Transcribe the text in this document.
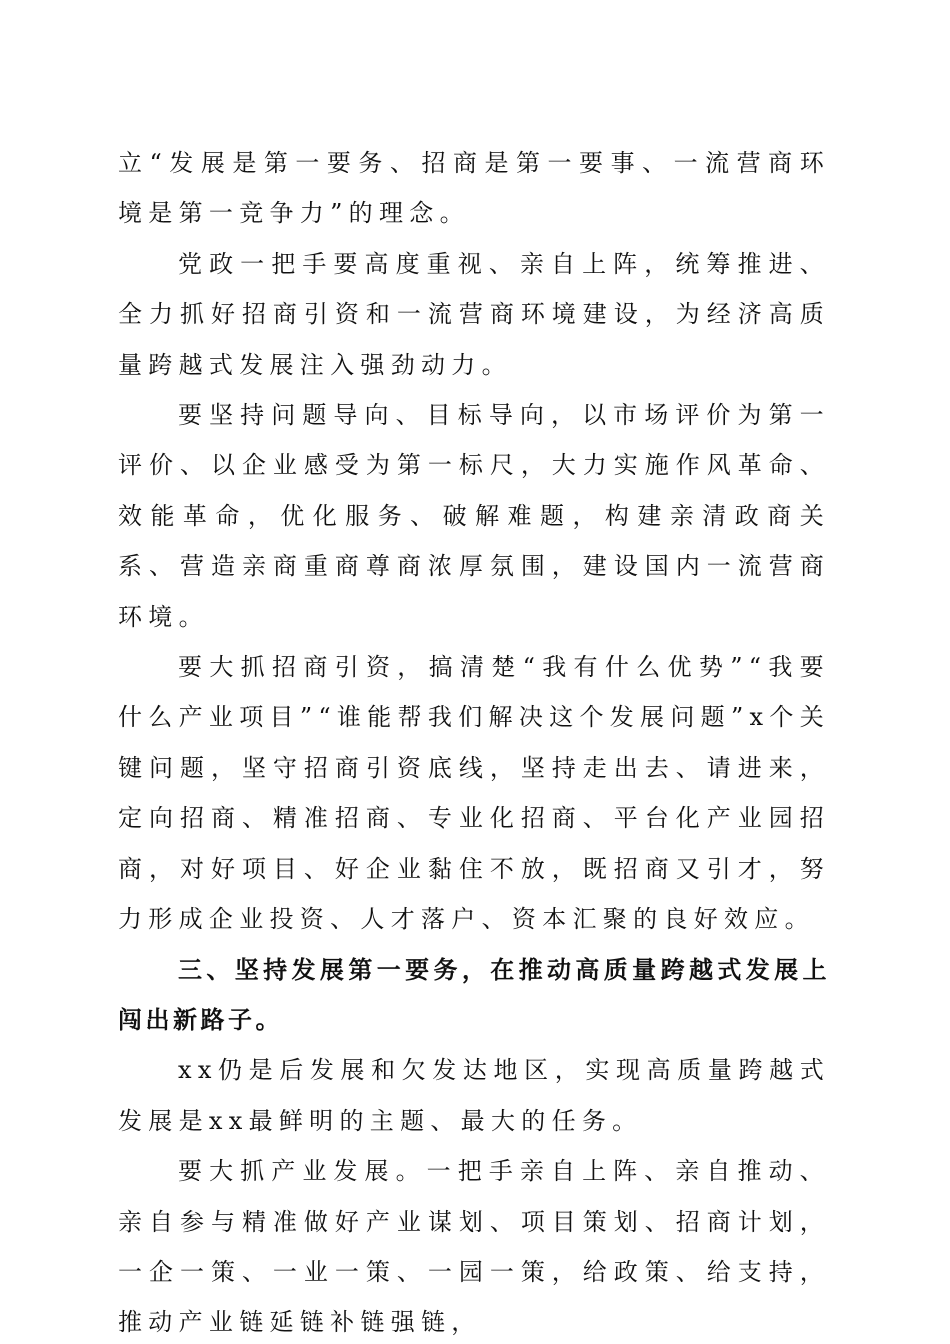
立“发展是第一要务、招商是第一要事、一流营商环境是第一竞争力”的理念。

党政一把手要高度重视、亲自上阵，统筹推进、全力抓好招商引资和一流营商环境建设，为经济高质量跨越式发展注入强劲动力。

要坚持问题导向、目标导向，以市场评价为第一评价、以企业感受为第一标尺，大力实施作风革命、效能革命，优化服务、破解难题，构建亲清政商关系、营造亲商重商尊商浓厚氛围，建设国内一流营商环境。

要大抓招商引资，搞清楚“我有什么优势”“我要什么产业项目”“谁能帮我们解决这个发展问题”x个关键问题，坚守招商引资底线，坚持走出去、请进来，定向招商、精准招商、专业化招商、平台化产业园招商，对好项目、好企业黏住不放，既招商又引才，努力形成企业投资、人才落户、资本汇聚的良好效应。

三、坚持发展第一要务，在推动高质量跨越式发展上闯出新路子。

xx仍是后发展和欠发达地区，实现高质量跨越式发展是xx最鲜明的主题、最大的任务。

要大抓产业发展。一把手亲自上阵、亲自推动、亲自参与精准做好产业谋划、项目策划、招商计划，一企一策、一业一策、一园一策，给政策、给支持，推动产业链延链补链强链，
